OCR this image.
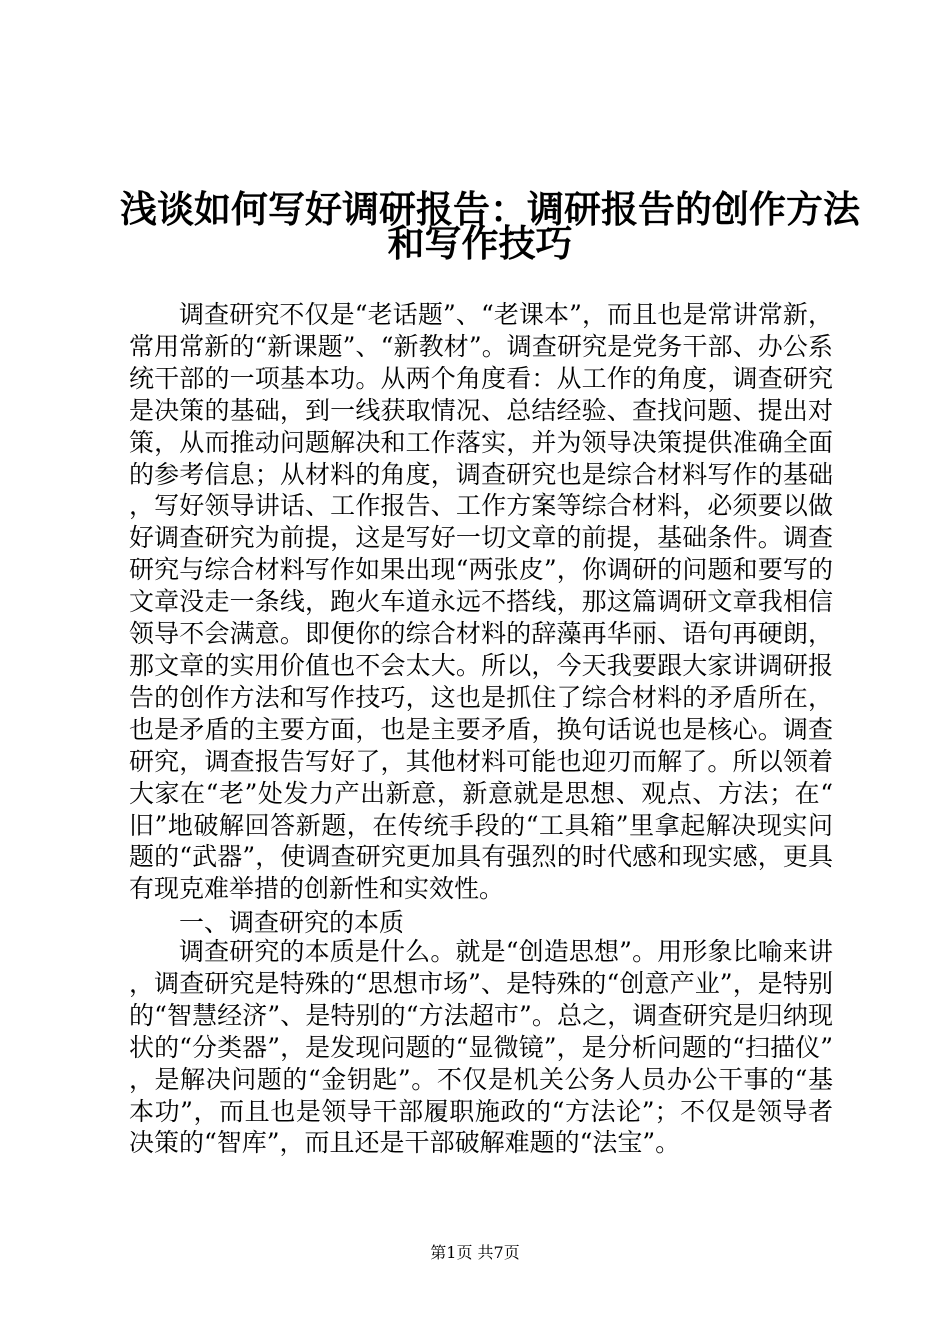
浅谈如何写好调研报告：调研报告的创作方法
和写作技巧

调查研究不仅是“老话题”、“老课本”，而且也是常讲常新，常用常新的“新课题”、“新教材”。调查研究是党务干部、办公系统干部的一项基本功。从两个角度看：从工作的角度，调查研究是决策的基础，到一线获取情况、总结经验、查找问题、提出对策，从而推动问题解决和工作落实，并为领导决策提供准确全面的参考信息；从材料的角度，调查研究也是综合材料写作的基础，写好领导讲话、工作报告、工作方案等综合材料，必须要以做好调查研究为前提，这是写好一切文章的前提，基础条件。调查研究与综合材料写作如果出现“两张皮”，你调研的问题和要写的文章没走一条线，跑火车道永远不搭线，那这篇调研文章我相信领导不会满意。即便你的综合材料的辞藻再华丽、语句再硬朗，那文章的实用价值也不会太大。所以，今天我要跟大家讲调研报告的创作方法和写作技巧，这也是抓住了综合材料的矛盾所在，也是矛盾的主要方面，也是主要矛盾，换句话说也是核心。调查研究，调查报告写好了，其他材料可能也迎刃而解了。所以领着大家在“老”处发力产出新意，新意就是思想、观点、方法；在“旧”地破解回答新题，在传统手段的“工具箱”里拿起解决现实问题的“武器”，使调查研究更加具有强烈的时代感和现实感，更具有现克难举措的创新性和实效性。

一、调查研究的本质

调查研究的本质是什么。就是“创造思想”。用形象比喻来讲，调查研究是特殊的“思想市场”、是特殊的“创意产业”，是特别的“智慧经济”、是特别的“方法超市”。总之，调查研究是归纳现状的“分类器”，是发现问题的“显微镜”，是分析问题的“扫描仪”，是解决问题的“金钥匙”。不仅是机关公务人员办公干事的“基本功”，而且也是领导干部履职施政的“方法论”；不仅是领导者决策的“智库”，而且还是干部破解难题的“法宝”。

第1页 共7页
